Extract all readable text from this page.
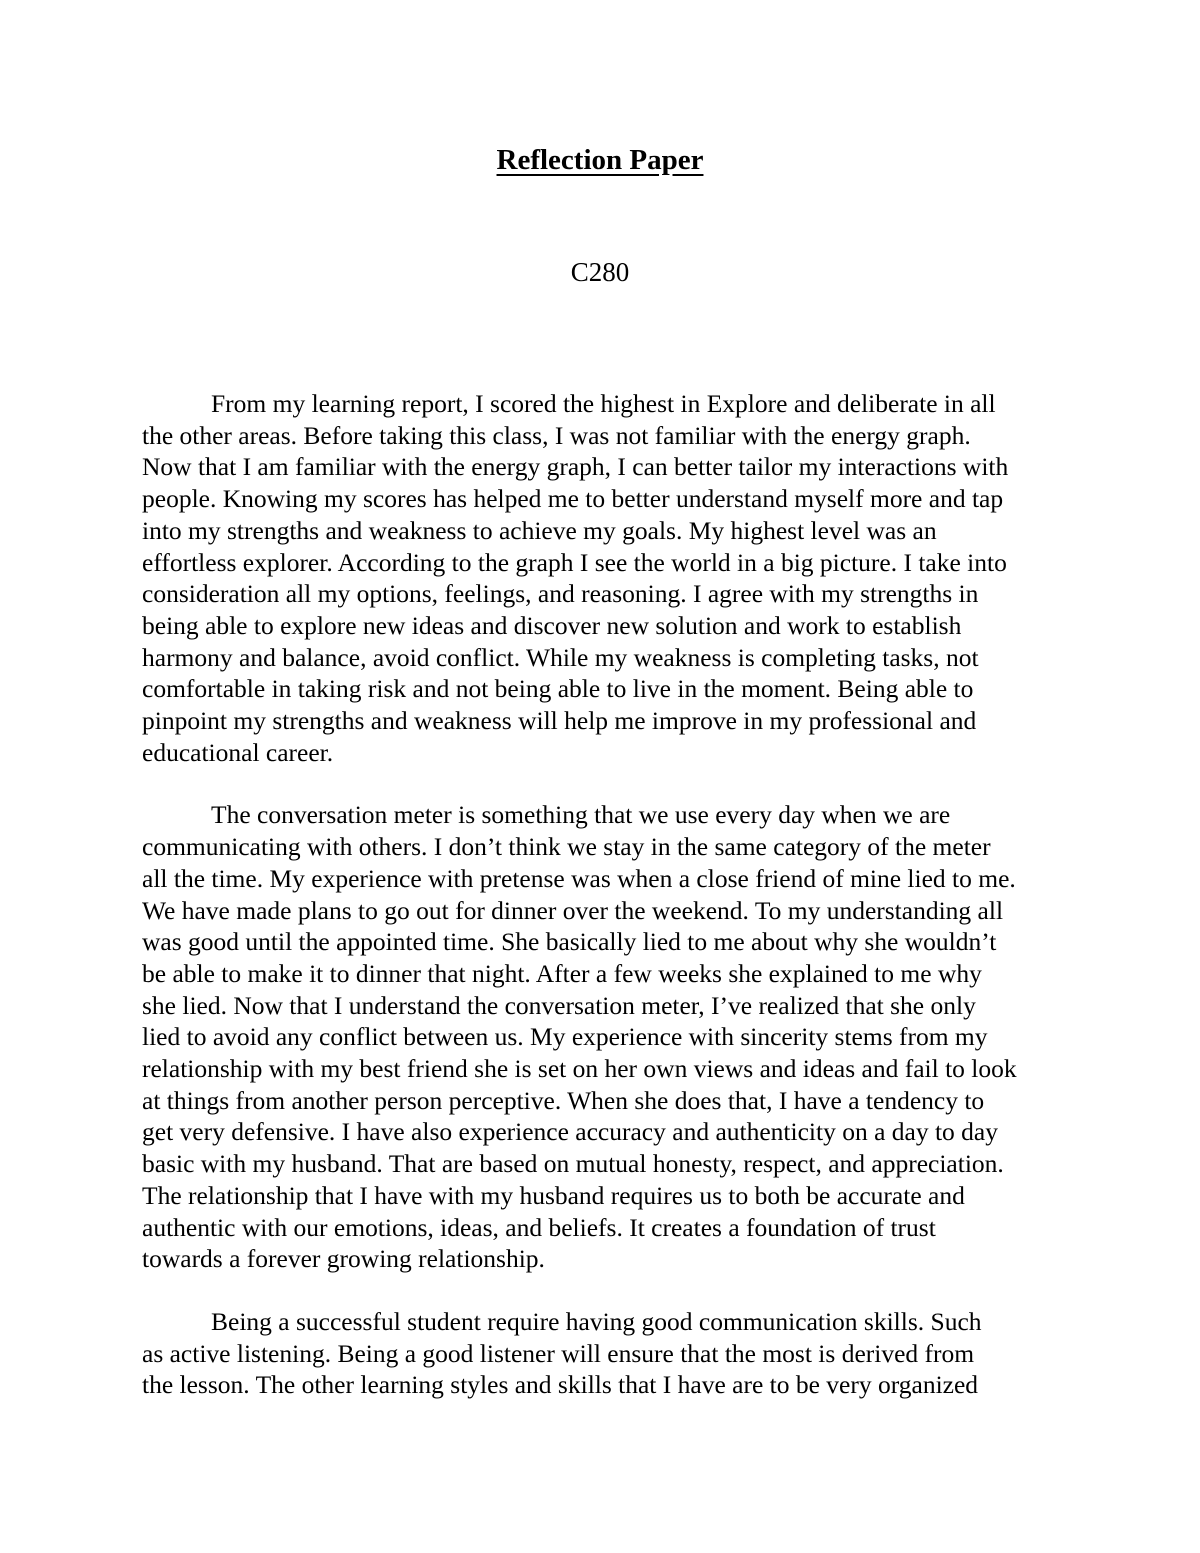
Reflection Paper

C280

From my learning report, I scored the highest in Explore and deliberate in all
the other areas. Before taking this class, I was not familiar with the energy graph.
Now that I am familiar with the energy graph, I can better tailor my interactions with
people. Knowing my scores has helped me to better understand myself more and tap
into my strengths and weakness to achieve my goals. My highest level was an
effortless explorer. According to the graph I see the world in a big picture. I take into
consideration all my options, feelings, and reasoning. I agree with my strengths in
being able to explore new ideas and discover new solution and work to establish
harmony and balance, avoid conflict. While my weakness is completing tasks, not
comfortable in taking risk and not being able to live in the moment. Being able to
pinpoint my strengths and weakness will help me improve in my professional and
educational career.

The conversation meter is something that we use every day when we are
communicating with others. I don’t think we stay in the same category of the meter
all the time. My experience with pretense was when a close friend of mine lied to me.
We have made plans to go out for dinner over the weekend. To my understanding all
was good until the appointed time. She basically lied to me about why she wouldn’t
be able to make it to dinner that night. After a few weeks she explained to me why
she lied. Now that I understand the conversation meter, I’ve realized that she only
lied to avoid any conflict between us. My experience with sincerity stems from my
relationship with my best friend she is set on her own views and ideas and fail to look
at things from another person perceptive. When she does that, I have a tendency to
get very defensive. I have also experience accuracy and authenticity on a day to day
basic with my husband. That are based on mutual honesty, respect, and appreciation.
The relationship that I have with my husband requires us to both be accurate and
authentic with our emotions, ideas, and beliefs. It creates a foundation of trust
towards a forever growing relationship.

Being a successful student require having good communication skills. Such
as active listening. Being a good listener will ensure that the most is derived from
the lesson. The other learning styles and skills that I have are to be very organized
